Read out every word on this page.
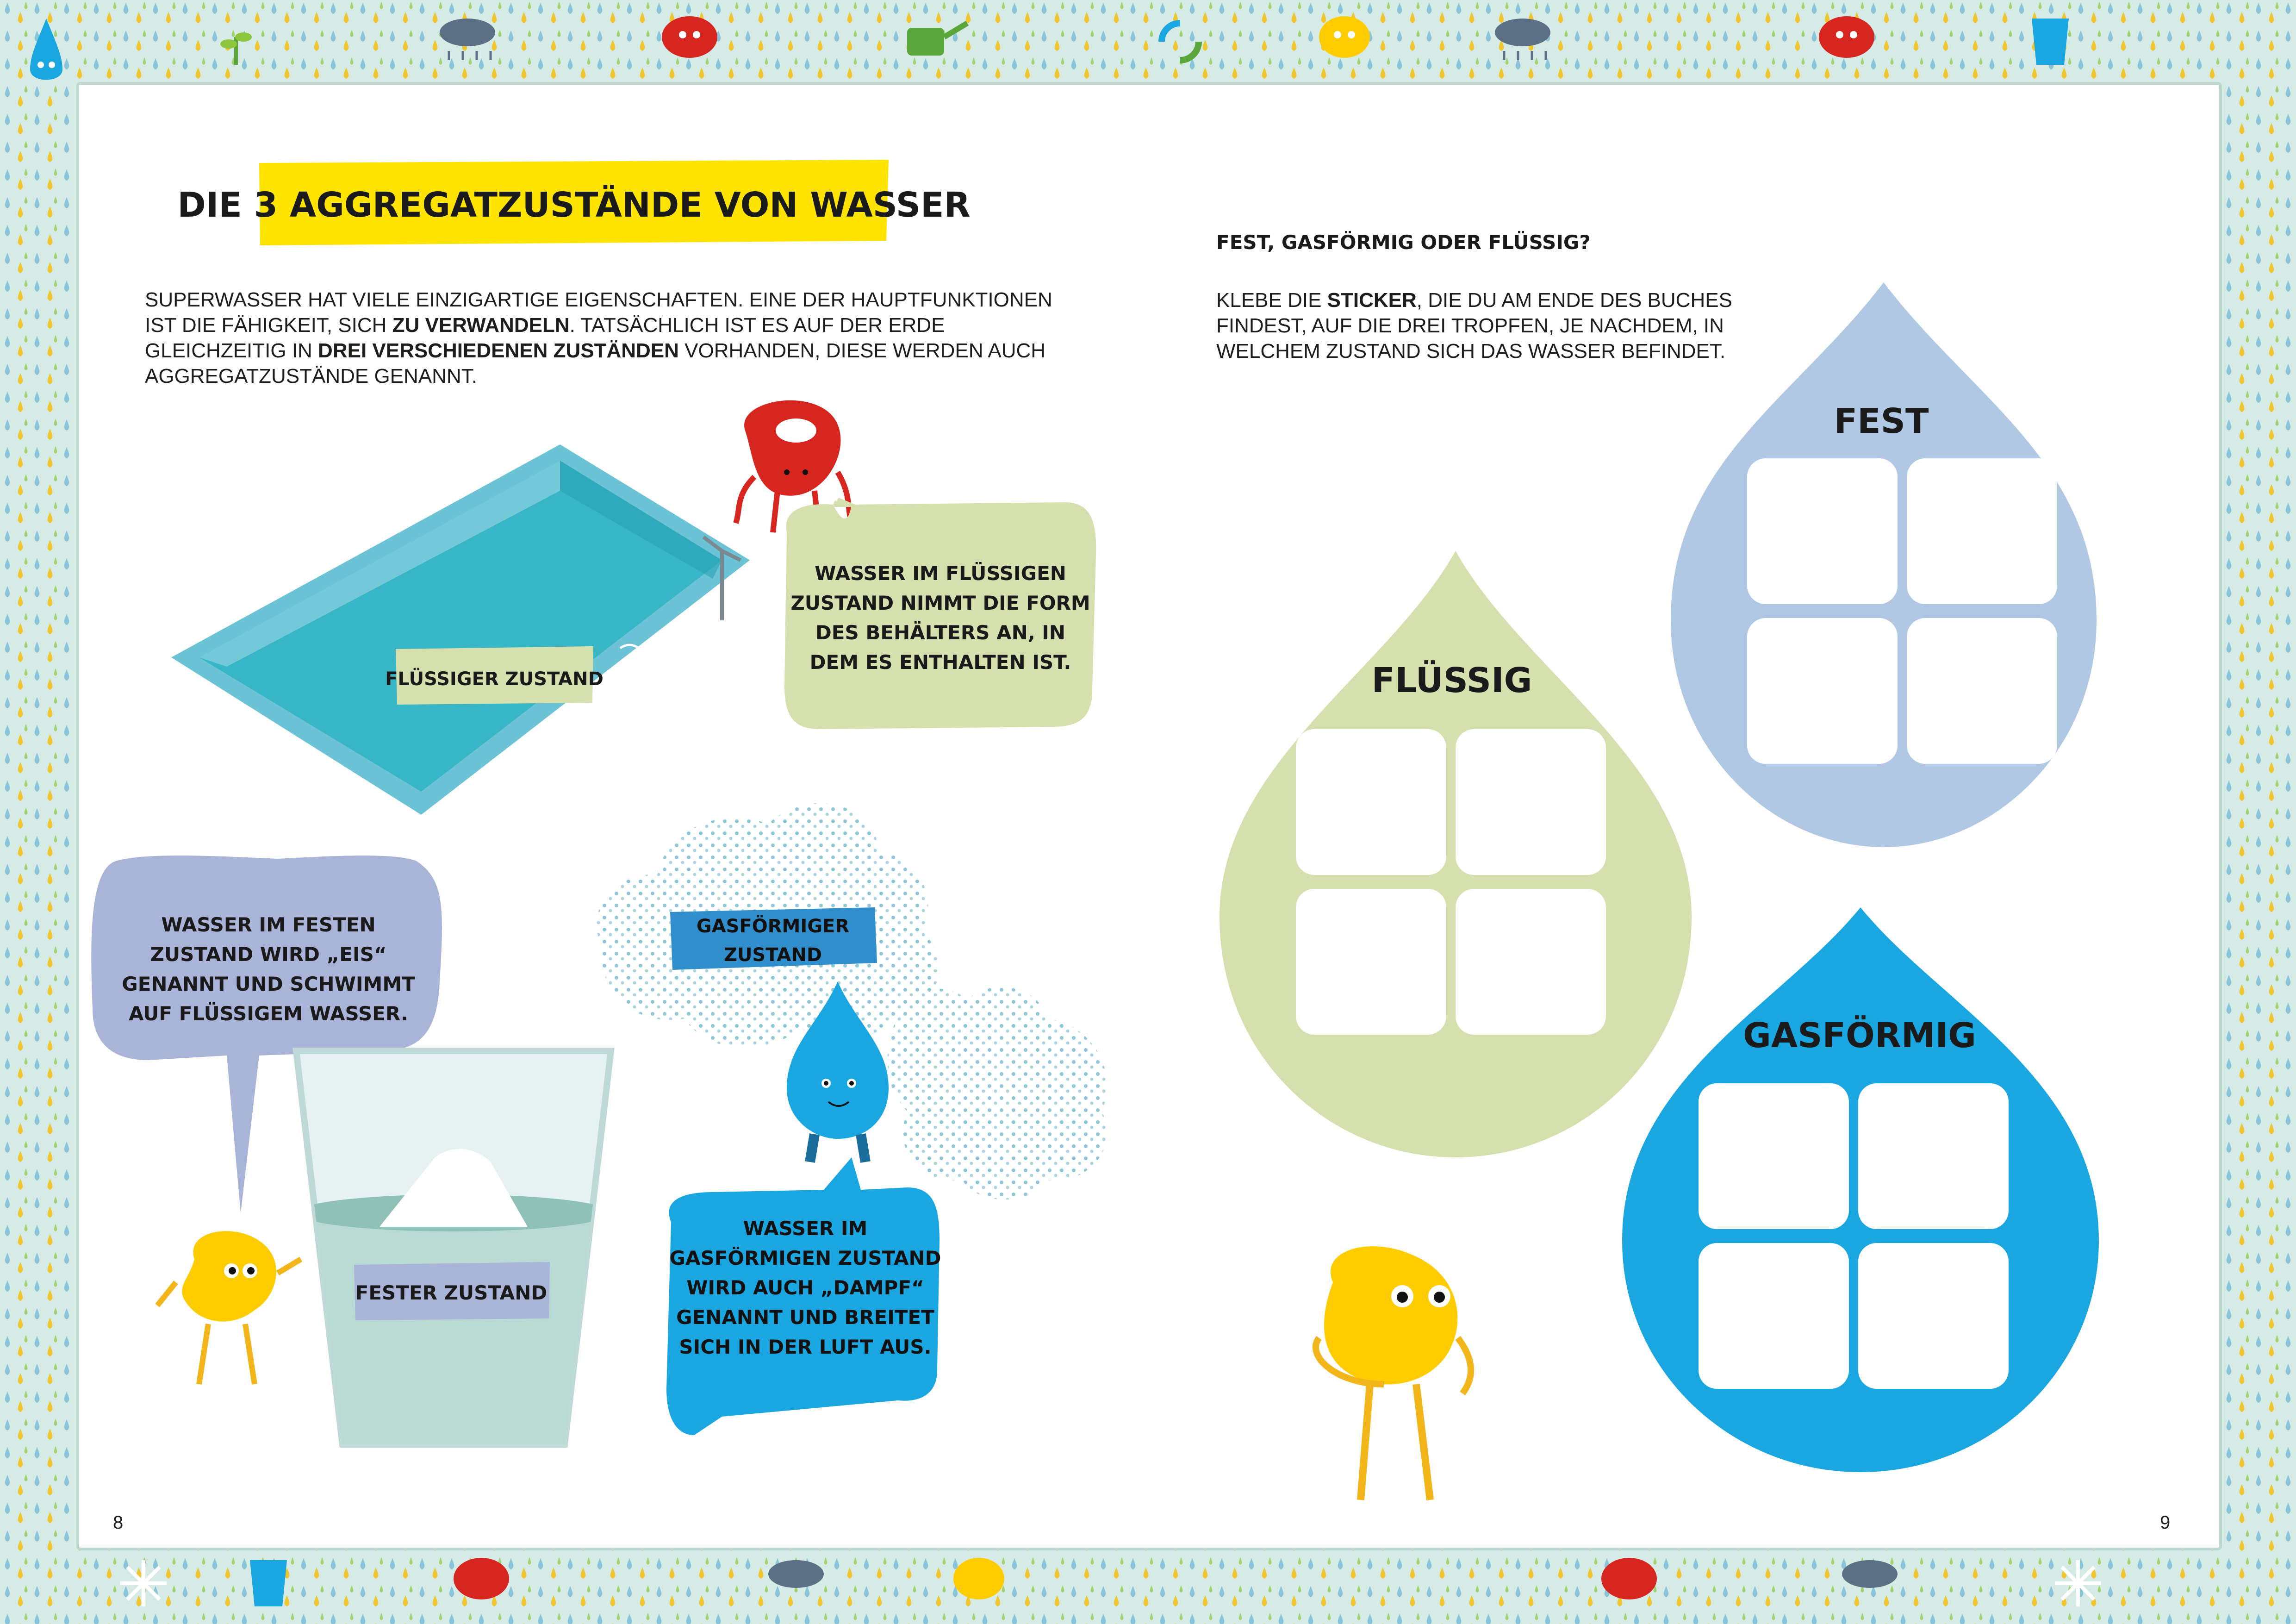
DIE 3 AGGREGATZUSTÄNDE VON WASSER
SUPERWASSER HAT VIELE EINZIGARTIGE EIGENSCHAFTEN. EINE DER HAUPTFUNKTIONEN IST DIE FÄHIGKEIT, SICH ZU VERWANDELN. TATSÄCHLICH IST ES AUF DER ERDE GLEICHZEITIG IN DREI VERSCHIEDENEN ZUSTÄNDEN VORHANDEN, DIESE WERDEN AUCH AGGREGATZUSTÄNDE GENANNT.
FLÜSSIGER ZUSTAND
WASSER IM FLÜSSIGEN ZUSTAND NIMMT DIE FORM DES BEHÄLTERS AN, IN DEM ES ENTHALTEN IST.
WASSER IM FESTEN ZUSTAND WIRD „EIS“ GENANNT UND SCHWIMMT AUF FLÜSSIGEM WASSER.
FESTER ZUSTAND
GASFÖRMIGER ZUSTAND
WASSER IM GASFÖRMIGEN ZUSTAND WIRD AUCH „DAMPF“ GENANNT UND BREITET SICH IN DER LUFT AUS.
8
FEST, GASFÖRMIG ODER FLÜSSIG?
KLEBE DIE STICKER, DIE DU AM ENDE DES BUCHES FINDEST, AUF DIE DREI TROPFEN, JE NACHDEM, IN WELCHEM ZUSTAND SICH DAS WASSER BEFINDET.
FEST
FLÜSSIG
GASFÖRMIG
9
